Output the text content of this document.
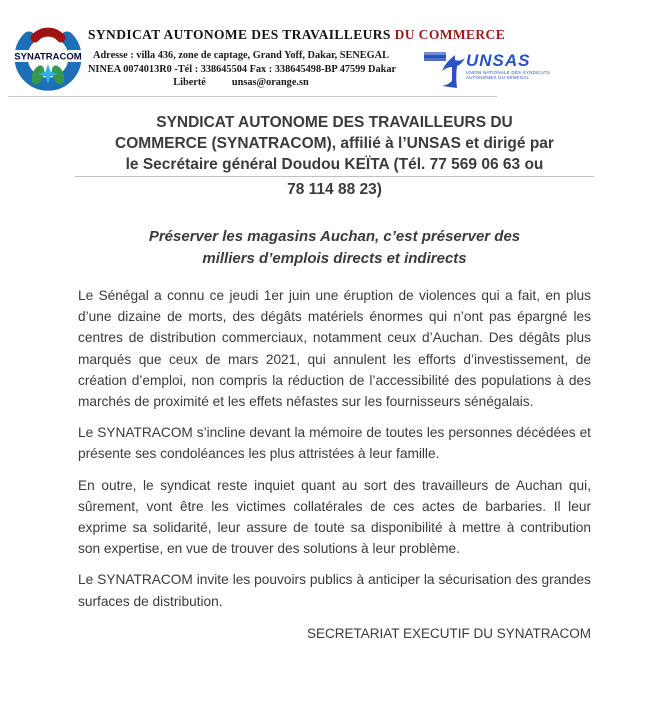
SYNATRACOM
SYNDICAT AUTONOME DES TRAVAILLEURS DU COMMERCE
Adresse : villa 436, zone de captage, Grand Yoff, Dakar, SENEGAL
NINEA 0074013R0 -Tél : 338645504 Fax : 338645498-BP 47599 Dakar
Liberté	unsas@orange.sn
UNSAS
UNION NATIONALE DES SYNDICATS
AUTONOMES DU SENEGAL
SYNDICAT AUTONOME DES TRAVAILLEURS DU
COMMERCE (SYNATRACOM), affilié à l’UNSAS et dirigé par
le Secrétaire général Doudou KEÏTA (Tél. 77 569 06 63 ou
78 114 88 23)
Préserver les magasins Auchan, c’est préserver des
milliers d’emplois directs et indirects

Le Sénégal a connu ce jeudi 1er juin une éruption de violences qui a fait, en plus d’une dizaine de morts, des dégâts matériels énormes qui n’ont pas épargné les centres de distribution commerciaux, notamment ceux d’Auchan. Des dégâts plus marqués que ceux de mars 2021, qui annulent les efforts d’investissement, de création d’emploi, non compris la réduction de l’accessibilité des populations à des marchés de proximité et les effets néfastes sur les fournisseurs sénégalais.

Le SYNATRACOM s’incline devant la mémoire de toutes les personnes décédées et présente ses condoléances les plus attristées à leur famille.

En outre, le syndicat reste inquiet quant au sort des travailleurs de Auchan qui, sûrement, vont être les victimes collatérales de ces actes de barbaries. Il leur exprime sa solidarité, leur assure de toute sa disponibilité à mettre à contribution son expertise, en vue de trouver des solutions à leur problème.

Le SYNATRACOM invite les pouvoirs publics à anticiper la sécurisation des grandes surfaces de distribution.

SECRETARIAT EXECUTIF DU SYNATRACOM
